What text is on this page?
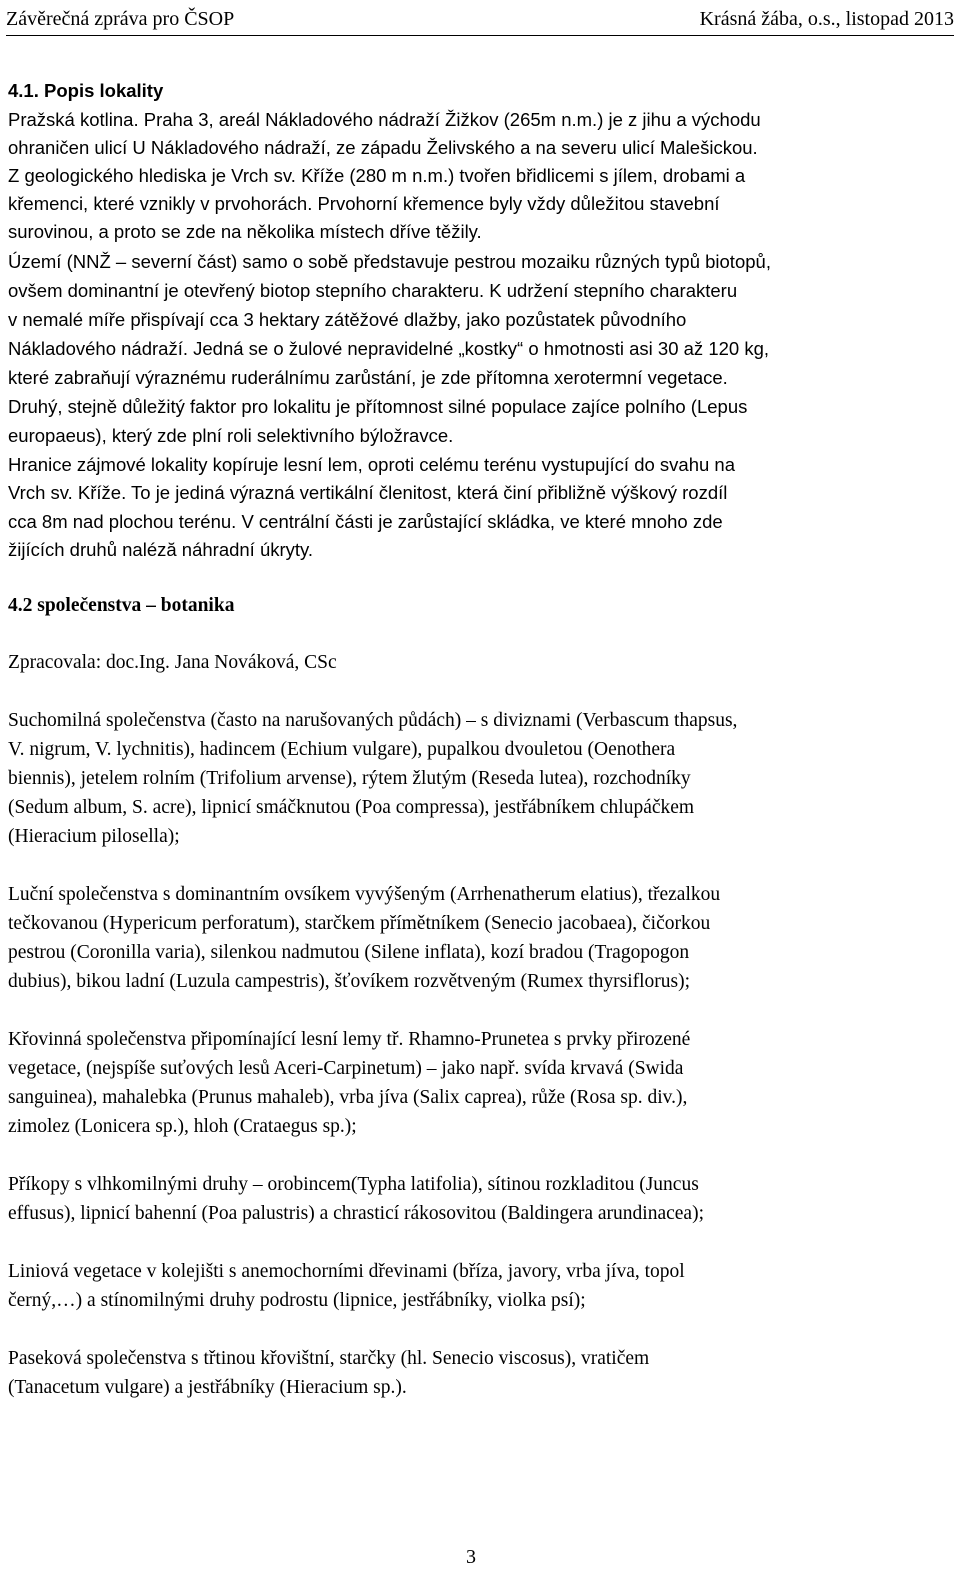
Závěrečná zpráva pro ČSOP	Krásná žába, o.s., listopad 2013
4.1. Popis lokality
Pražská kotlina. Praha 3, areál Nákladového nádraží Žižkov (265m n.m.) je z jihu a východu
ohraničen ulicí U Nákladového nádraží, ze západu Želivského a na severu ulicí Malešickou.
Z geologického hlediska je Vrch sv. Kříže (280 m n.m.) tvořen břidlicemi s jílem, drobami a
křemenci, které vznikly v prvohorách. Prvohorní křemence byly vždy důležitou stavební
surovinou, a proto se zde na několika místech dříve těžily.
Území (NNŽ – severní část) samo o sobě představuje pestrou mozaiku různých typů biotopů,
ovšem dominantní je otevřený biotop stepního charakteru. K udržení stepního charakteru
v nemalé míře přispívají cca 3 hektary zátěžové dlažby, jako pozůstatek původního
Nákladového nádraží. Jedná se o žulové nepravidelné „kostky“ o hmotnosti asi 30 až 120 kg,
které zabraňují výraznému ruderálnímu zarůstání, je zde přítomna xerotermní vegetace.
Druhý, stejně důležitý faktor pro lokalitu je přítomnost silné populace zajíce polního (Lepus
europaeus), který zde plní roli selektivního býložravce.
Hranice zájmové lokality kopíruje lesní lem, oproti celému terénu vystupující do svahu na
Vrch sv. Kříže. To je jediná výrazná vertikální členitost, která činí přibližně výškový rozdíl
cca 8m nad plochou terénu. V centrální části je zarůstající skládka, ve které mnoho zde
žijících druhů naléză náhradní úkryty.
4.2 společenstva – botanika
Zpracovala: doc.Ing. Jana Nováková, CSc
Suchomilná společenstva (často na narušovaných půdách) – s diviznami (Verbascum thapsus,
V. nigrum, V. lychnitis), hadincem (Echium vulgare), pupalkou dvouletou (Oenothera
biennis), jetelem rolním (Trifolium arvense), rýtem žlutým (Reseda lutea), rozchodníky
(Sedum album, S. acre), lipnicí smáčknutou (Poa compressa), jestřábníkem chlupáčkem
(Hieracium pilosella);
Luční společenstva s dominantním ovsíkem vyvýšeným (Arrhenatherum elatius), třezalkou
tečkovanou (Hypericum perforatum), starčkem přímětníkem (Senecio jacobaea), čičorkou
pestrou (Coronilla varia), silenkou nadmutou (Silene inflata), kozí bradou (Tragopogon
dubius), bikou ladní (Luzula campestris), šťovíkem rozvětveným (Rumex thyrsiflorus);
Křovinná společenstva připomínající lesní lemy tř. Rhamno-Prunetea s prvky přirozené
vegetace, (nejspíše suťových lesů Aceri-Carpinetum) – jako např. svída krvavá (Swida
sanguinea), mahalebka (Prunus mahaleb), vrba jíva (Salix caprea), růže (Rosa sp. div.),
zimolez (Lonicera sp.), hloh (Crataegus sp.);
Příkopy s vlhkomilnými druhy – orobincem(Typha latifolia), sítinou rozkladitou (Juncus
effusus), lipnicí bahenní (Poa palustris) a chrasticí rákosovitou (Baldingera arundinacea);
Liniová vegetace v kolejišti s anemochorními dřevinami (bříza, javory, vrba jíva, topol
černý,…) a stínomilnými druhy podrostu (lipnice, jestřábníky, violka psí);
Paseková společenstva s třtinou křovištní, starčky (hl. Senecio viscosus), vratičem
(Tanacetum vulgare) a jestřábníky (Hieracium sp.).
3
